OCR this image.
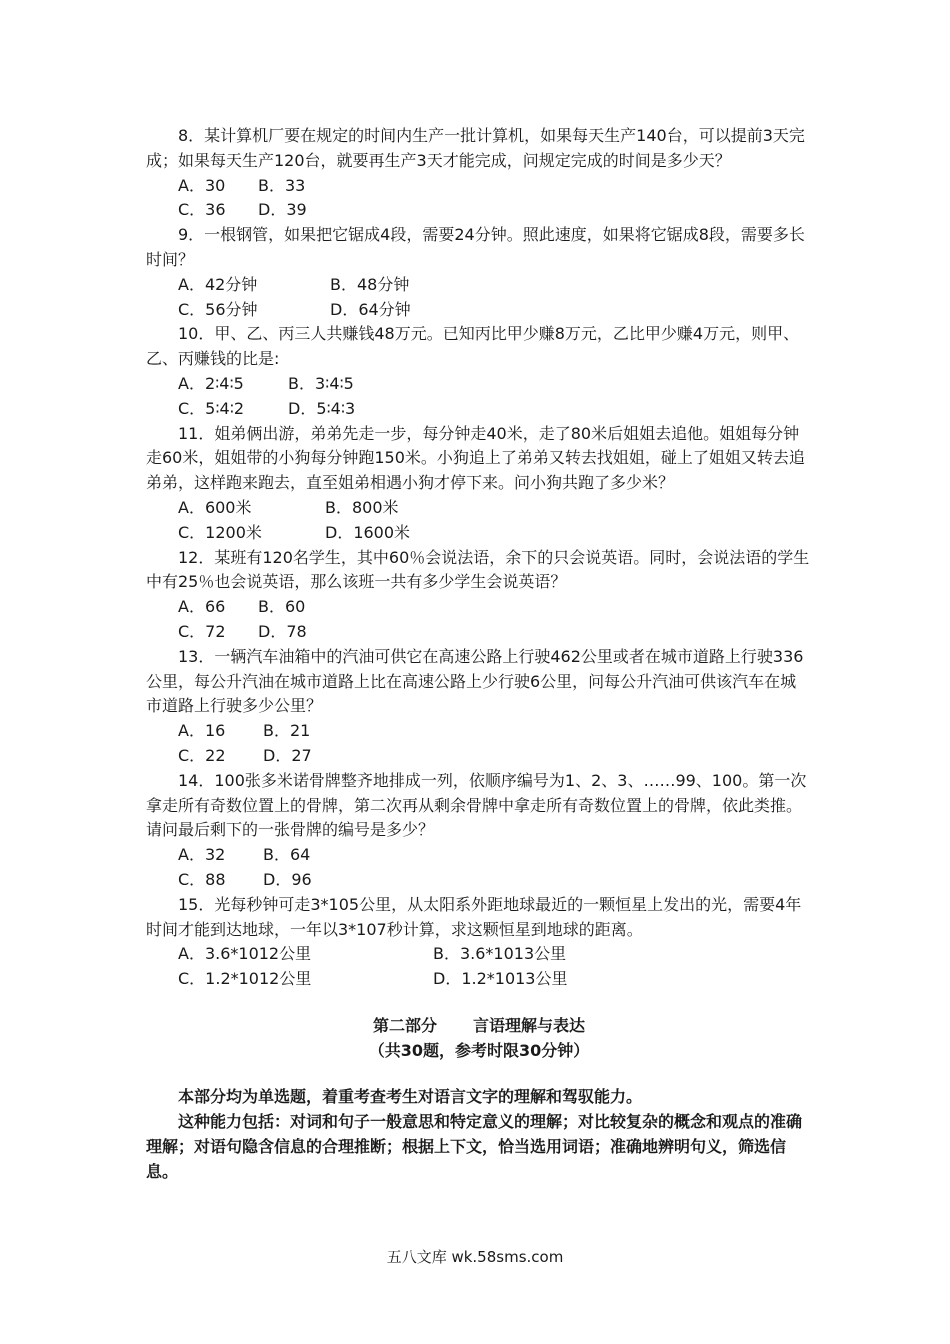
8．某计算机厂要在规定的时间内生产一批计算机，如果每天生产140台，可以提前3天完成；如果每天生产120台，就要再生产3天才能完成，问规定完成的时间是多少天？

A．30	B．33
C．36	D．39

9．一根钢管，如果把它锯成4段，需要24分钟。照此速度，如果将它锯成8段，需要多长时间？

A．42分钟	B．48分钟
C．56分钟	D．64分钟

10．甲、乙、丙三人共赚钱48万元。已知丙比甲少赚8万元，乙比甲少赚4万元，则甲、乙、丙赚钱的比是:

A．2∶4∶5	B．3∶4∶5
C．5∶4∶2	D．5∶4∶3

11．姐弟俩出游，弟弟先走一步，每分钟走40米，走了80米后姐姐去追他。姐姐每分钟走60米，姐姐带的小狗每分钟跑150米。小狗追上了弟弟又转去找姐姐，碰上了姐姐又转去追弟弟，这样跑来跑去，直至姐弟相遇小狗才停下来。问小狗共跑了多少米？

A．600米	B．800米
C．1200米	D．1600米

12．某班有120名学生，其中60％会说法语，余下的只会说英语。同时，会说法语的学生中有25％也会说英语，那么该班一共有多少学生会说英语？

A．66	B．60
C．72	D．78

13．一辆汽车油箱中的汽油可供它在高速公路上行驶462公里或者在城市道路上行驶336公里，每公升汽油在城市道路上比在高速公路上少行驶6公里，问每公升汽油可供该汽车在城市道路上行驶多少公里？

A．16	B．21
C．22	D．27

14．100张多米诺骨牌整齐地排成一列，依顺序编号为1、2、3、……99、100。第一次拿走所有奇数位置上的骨牌，第二次再从剩余骨牌中拿走所有奇数位置上的骨牌，依此类推。请问最后剩下的一张骨牌的编号是多少？

A．32	B．64
C．88	D．96

15．光每秒钟可走3*105公里，从太阳系外距地球最近的一颗恒星上发出的光，需要4年时间才能到达地球，一年以3*107秒计算，求这颗恒星到地球的距离。

A．3.6*1012公里	B．3.6*1013公里
C．1.2*1012公里	D．1.2*1013公里
第二部分 言语理解与表达
（共30题，参考时限30分钟）

本部分均为单选题，着重考查考生对语言文字的理解和驾驭能力。

这种能力包括：对词和句子一般意思和特定意义的理解；对比较复杂的概念和观点的准确理解；对语句隐含信息的合理推断；根据上下文，恰当选用词语；准确地辨明句义，筛选信息。

五八文库 wk.58sms.com
